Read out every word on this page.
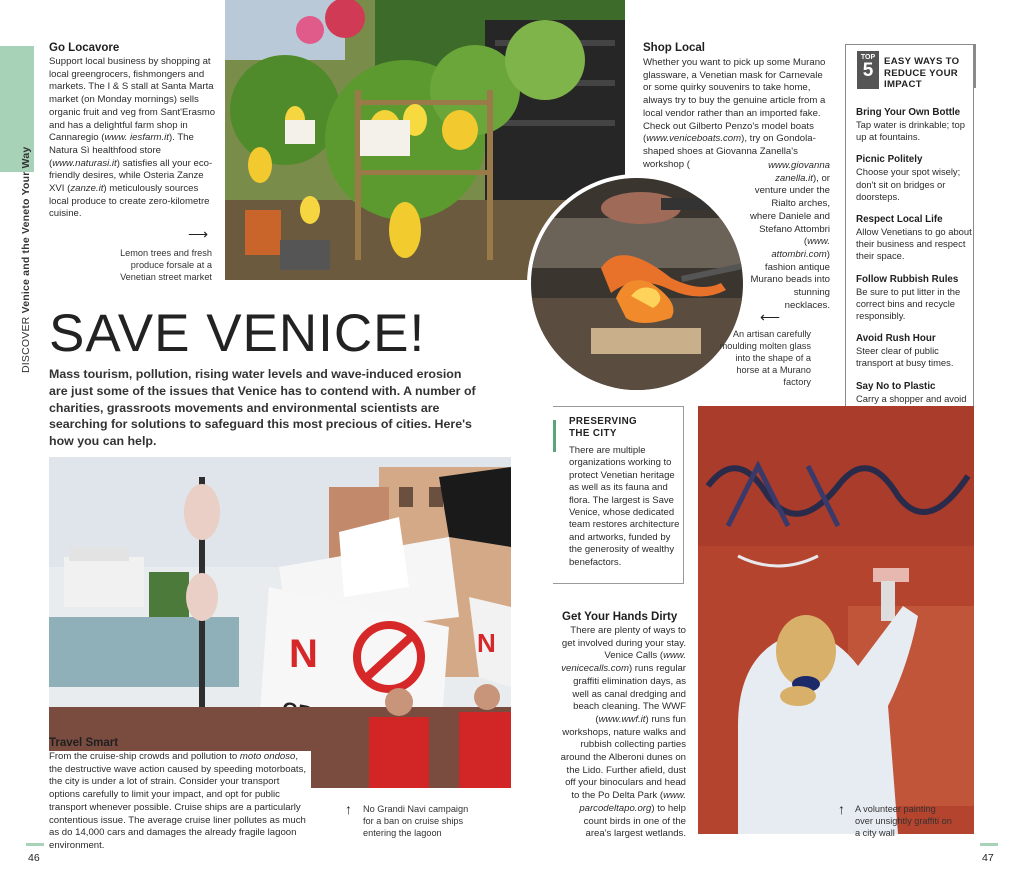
DISCOVER Venice and the Veneto Your Way
Go Locavore
Support local business by shopping at local greengrocers, fishmongers and markets. The I & S stall at Santa Marta market (on Monday mornings) sells organic fruit and veg from Sant'Erasmo and has a delightful farm shop in Cannaregio (www. iesfarm.it). The Natura Sì healthfood store (www.naturasi.it) satisfies all your eco-friendly desires, while Osteria Zanze XVI (zanze.it) meticulously sources local produce to create zero-kilometre cuisine.
⟶
Lemon trees and fresh produce forsale at a Venetian street market
Shop Local
Whether you want to pick up some Murano glassware, a Venetian mask for Carnevale or some quirky souvenirs to take home, always try to buy the genuine article from a local vendor rather than an imported fake. Check out Gilberto Penzo's model boats (www.veniceboats.com), try on Gondola-shaped shoes at Giovanna Zanella's workshop (
An artisan carefully moulding molten glass into the shape of a horse at a Murano factory
⟵
TOP
5	EASY WAYS TO REDUCE YOUR IMPACT
Bring Your Own Bottle
Tap water is drinkable; top up at fountains.
Picnic Politely
Choose your spot wisely; don't sit on bridges or doorsteps.
Respect Local Life
Allow Venetians to go about their business and respect their space.
Follow Rubbish Rules
Be sure to put litter in the correct bins and recycle responsibly.
Avoid Rush Hour
Steer clear of public transport at busy times.
Say No to Plastic
Carry a shopper and avoid
SAVE VENICE!
Mass tourism, pollution, rising water levels and wave-induced erosion are just some of the issues that Venice has to contend with. A number of charities, grassroots movements and environmental scientists are searching for solutions to safeguard this most precious of cities. Here's how you can help.
PRESERVING
THE CITY
There are multiple organizations working to protect Venetian heritage as well as its fauna and flora. The largest is Save Venice, whose dedicated team restores architecture and artworks, funded by the generosity of wealthy benefactors.
N	N
Travel Smart
From the cruise-ship crowds and pollution to moto ondoso, the destructive wave action caused by speeding motorboats, the city is under a lot of strain. Consider your transport options carefully to limit your impact, and opt for public transport whenever possible. Cruise ships are a particularly contentious issue. The average cruise liner pollutes as much as do 14,000 cars and damages the already fragile lagoon environment.
↑ No Grandi Navi campaign for a ban on cruise ships entering the lagoon
Get Your Hands Dirty
There are plenty of ways to get involved during your stay. Venice Calls (www. venicecalls.com) runs regular graffiti elimination days, as well as canal dredging and beach cleaning. The WWF (www.wwf.it) runs fun workshops, nature walks and rubbish collecting parties around the Alberoni dunes on the Lido. Further afield, dust off your binoculars and head to the Po Delta Park (www. parcodeltapo.org) to help count birds in one of the area's largest wetlands.
↑ A volunteer painting over unsightly graffiti on a city wall
46	47
www.giovanna zanella.it), or venture under the Rialto arches, where Daniele and Stefano Attombri (www. attombri.com) fashion antique Murano beads into stunning necklaces.
